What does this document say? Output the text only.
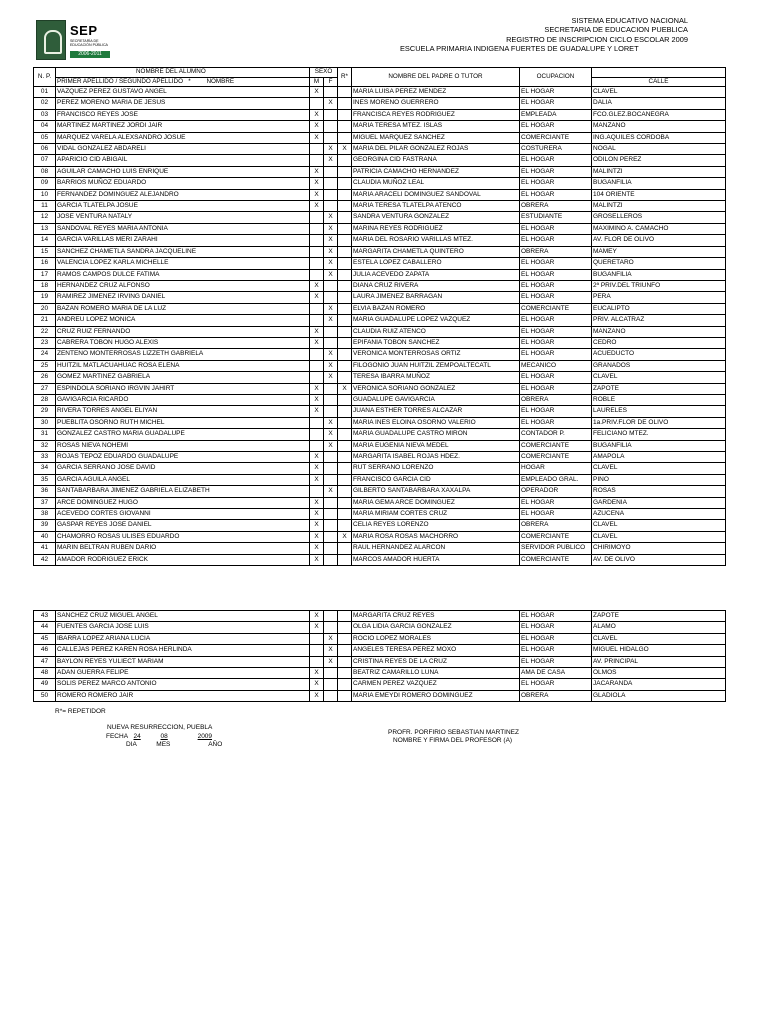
SEP
SECRETARÍA DE EDUCACIÓN PÚBLICA
2006-2011
SISTEMA EDUCATIVO NACIONAL
SECRETARIA DE EDUCACION PUEBLICA
REGISTRO DE INSCRIPCION CICLO ESCOLAR 2009
ESCUELA PRIMARIA INDIGENA FUERTES DE GUADALUPE Y LORET
N. P.	NOMBRE DEL ALUMNO	SEXO		R*	NOMBRE DEL PADRE O TUTOR	OCUPACION	
	PRIMER APELLIDO / SEGUNDO APELLIDO * NOMBRE	M	F				CALLE
01	VAZQUEZ PEREZ GUSTAVO ANGEL	X			MARIA LUISA PEREZ MENDEZ	EL HOGAR	CLAVEL
02	PEREZ MORENO MARIA DE JESUS		X		INES MORENO GUERRERO	EL HOGAR	DALIA
03	FRANCISCO REYES JOSE	X			FRANCISCA REYES RODRIGUEZ	EMPLEADA	FCO.GLEZ.BOCANEGRA
04	MARTINEZ MARTINEZ JORDI JAIR	X			MARIA TERESA MTEZ. ISLAS	EL HOGAR	MANZANO
05	MARQUEZ VARELA ALEXSANDRO JOSUE	X			MIGUEL MARQUEZ SANCHEZ	COMERCIANTE	ING.AQUILES CORDOBA
06	VIDAL GONZALEZ ABDARELI		X	X	MARIA DEL PILAR GONZALEZ ROJAS	COSTURERA	NOGAL
07	APARICIO CID ABIGAIL		X		GEORGINA CID FASTRANA	EL HOGAR	ODILON PEREZ
08	AGUILAR CAMACHO LUIS ENRIQUE	X			PATRICIA CAMACHO HERNANDEZ	EL HOGAR	MALINTZI
09	BARRIOS MUÑOZ EDUARDO	X			CLAUDIA MUÑOZ LEAL	EL HOGAR	BUGANFILIA
10	FERNANDEZ DOMINGUEZ ALEJANDRO	X			MARIA ARACELI DOMINGUEZ SANDOVAL	EL HOGAR	104 ORIENTE
11	GARCIA TLATELPA JOSUE	X			MARIA TERESA TLATELPA ATENCO	OBRERA	MALINTZI
12	JOSE VENTURA NATALY		X		SANDRA VENTURA GONZALEZ	ESTUDIANTE	GROSELLEROS
13	SANDOVAL REYES MARIA ANTONIA		X		MARINA REYES RODRIGUEZ	EL HOGAR	MAXIMINO A. CAMACHO
14	GARCIA VARILLAS MERI ZARAHI		X		MARIA DEL ROSARIO VARILLAS MTEZ.	EL HOGAR	AV. FLOR DE OLIVO
15	SANCHEZ CHAMETLA SANDRA JACQUELINE		X		MARGARITA CHAMETLA QUINTERO	OBRERA	MAMEY
16	VALENCIA LOPEZ KARLA MICHELLE		X		ESTELA LOPEZ CABALLERO	EL HOGAR	QUERETARO
17	RAMOS CAMPOS DULCE FATIMA		X		JULIA ACEVEDO ZAPATA	EL HOGAR	BUGANFILIA
18	HERNANDEZ CRUZ ALFONSO	X			DIANA CRUZ RIVERA	EL HOGAR	2ª PRIV.DEL TRIUNFO
19	RAMIREZ JIMENEZ IRVING DANIEL	X			LAURA JIMENEZ BARRAGAN	EL HOGAR	PERA
20	BAZAN ROMERO MARIA DE LA LUZ		X		ELVIA BAZAN ROMERO	COMERCIANTE	EUCALIPTO
21	ANDREU LOPEZ MONICA		X		MARIA GUADALUPE LOPEZ VAZQUEZ	EL HOGAR	PRIV. ALCATRAZ
22	CRUZ RUIZ FERNANDO	X			CLAUDIA RUIZ ATENCO	EL HOGAR	MANZANO
23	CABRERA TOBON HUGO ALEXIS	X			EPIFANIA TOBON SANCHEZ	EL HOGAR	CEDRO
24	ZENTENO MONTERROSAS LIZZETH GABRIELA		X		VERONICA MONTERROSAS ORTIZ	EL HOGAR	ACUEDUCTO
25	HUITZIL MATLACUAHUAC ROSA ELENA		X		FILOGONIO JUAN HUITZIL ZEMPOALTECATL	MECANICO	GRANADOS
26	GOMEZ MARTINEZ GABRIELA		X		TERESA IBARRA MUÑOZ	EL HOGAR	CLAVEL
27	ESPINDOLA SORIANO IRGVIN JAHIRT	X		X	VERONICA SORIANO GONZALEZ	EL HOGAR	ZAPOTE
28	GAVIGARCIA RICARDO	X			GUADALUPE GAVIGARCIA	OBRERA	ROBLE
29	RIVERA TORRES ANGEL ELIYAN	X			JUANA ESTHER TORRES ALCAZAR	EL HOGAR	LAURELES
30	PUEBLITA OSORNO RUTH MICHEL		X		MARIA INES ELOINA OSORNO VALERIO	EL HOGAR	1a.PRIV.FLOR DE OLIVO
31	GONZALEZ CASTRO MARIA GUADALUPE		X		MARIA GUADALUPE CASTRO MIRON	CONTADOR P.	FELICIANO MTEZ.
32	ROSAS NIEVA NOHEMI		X		MARIA EUGENIA NIEVA MEDEL	COMERCIANTE	BUGANFILIA
33	ROJAS TEPOZ EDUARDO GUADALUPE	X			MARGARITA ISABEL ROJAS HDEZ.	COMERCIANTE	AMAPOLA
34	GARCIA SERRANO JOSE DAVID	X			RUT SERRANO LORENZO	HOGAR	CLAVEL
35	GARCIA AGUILA ANGEL	X			FRANCISCO GARCIA CID	EMPLEADO GRAL.	PINO
36	SANTABARBARA JIMENEZ GABRIELA ELIZABETH		X		GILBERTO SANTABARBARA XAXALPA	OPERADOR	ROSAS
37	ARCE DOMINGUEZ HUGO	X			MARIA GEMA ARCE DOMINGUEZ	EL HOGAR	GARDENIA
38	ACEVEDO CORTES GIOVANNI	X			MARIA MIRIAM CORTES CRUZ	EL HOGAR	AZUCENA
39	GASPAR REYES JOSE DANIEL	X			CELIA REYES LORENZO	OBRERA	CLAVEL
40	CHAMORRO ROSAS ULISES EDUARDO	X		X	MARIA ROSA ROSAS MACHORRO	COMERCIANTE	CLAVEL
41	MARIN BELTRAN RUBEN DARIO	X			RAUL HERNANDEZ ALARCON	SERVIDOR PUBLICO	CHIRIMOYO
42	AMADOR RODRIGUEZ ERICK	X			MARCOS AMADOR HUERTA	COMERCIANTE	AV. DE OLIVO
43	SANCHEZ CRUZ MIGUEL ANGEL	X			MARGARITA CRUZ REYES	EL HOGAR	ZAPOTE
44	FUENTES GARCIA JOSE LUIS	X			OLGA LIDIA GARCIA GONZALEZ	EL HOGAR	ALAMO
45	IBARRA LOPEZ ARIANA LUCIA		X		ROCIO LOPEZ MORALES	EL HOGAR	CLAVEL
46	CALLEJAS PEREZ KAREN ROSA HERLINDA		X		ANGELES TERESA PEREZ MOXO	EL HOGAR	MIGUEL HIDALGO
47	BAYLON REYES YULIECT MARIAM		X		CRISTINA REYES DE LA CRUZ	EL HOGAR	AV. PRINCIPAL
48	ADAN GUERRA FELIPE	X			BEATRIZ CAMARILLO LUNA	AMA DE CASA	OLMOS
49	SOLIS PEREZ MARCO ANTONIO	X			CARMEN PEREZ VAZQUEZ	EL HOGAR	JACARANDA
50	ROMERO ROMERO JAIR	X			MARIA EMEYDI ROMERO DOMINGUEZ	OBRERA	GLADIOLA
R*= REPETIDOR
NUEVA RESURRECCION, PUEBLA
FECHA 24	08	2009
DIA	MES	AÑO
PROFR. PORFIRIO SEBASTIAN MARTINEZ
NOMBRE Y FIRMA DEL PROFESOR (A)
